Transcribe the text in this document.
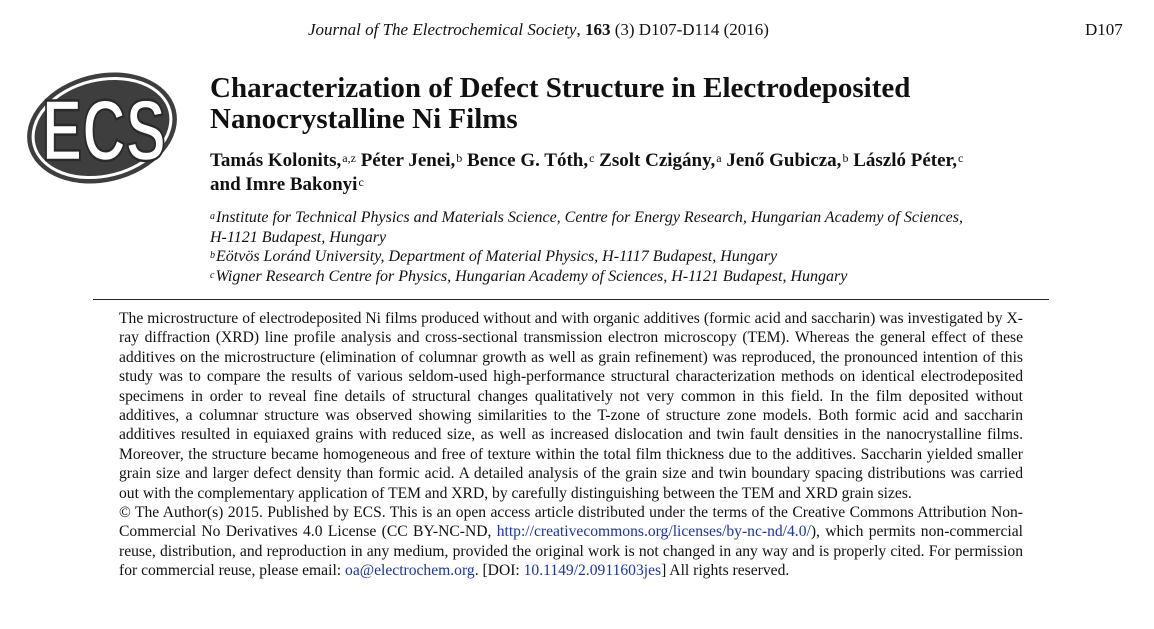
Journal of The Electrochemical Society, 163 (3) D107-D114 (2016)	D107
ECS Characterization of Defect Structure in Electrodeposited Nanocrystalline Ni Films
Tamás Kolonits,$^{a,z}$ Péter Jenei,$^b$ Bence G. Tóth,$^c$ Zsolt Czigány,$^a$ Jenő Gubicza,$^b$ László Péter,$^c$
and Imre Bakonyi$^c$
$^a$Institute for Technical Physics and Materials Science, Centre for Energy Research, Hungarian Academy of Sciences,
H-1121 Budapest, Hungary
$^b$Eötvös Loránd University, Department of Material Physics, H-1117 Budapest, Hungary
$^c$Wigner Research Centre for Physics, Hungarian Academy of Sciences, H-1121 Budapest, Hungary

The microstructure of electrodeposited Ni films produced without and with organic additives (formic acid and saccharin) was investigated by X-ray diffraction (XRD) line profile analysis and cross-sectional transmission electron microscopy (TEM). Whereas the general effect of these additives on the microstructure (elimination of columnar growth as well as grain refinement) was reproduced, the pronounced intention of this study was to compare the results of various seldom-used high-performance structural characterization methods on identical electrodeposited specimens in order to reveal fine details of structural changes qualitatively not very common in this field. In the film deposited without additives, a columnar structure was observed showing similarities to the T-zone of structure zone models. Both formic acid and saccharin additives resulted in equiaxed grains with reduced size, as well as increased dislocation and twin fault densities in the nanocrystalline films. Moreover, the structure became homogeneous and free of texture within the total film thickness due to the additives. Saccharin yielded smaller grain size and larger defect density than formic acid. A detailed analysis of the grain size and twin boundary spacing distributions was carried out with the complementary application of TEM and XRD, by carefully distinguishing between the TEM and XRD grain sizes.

© The Author(s) 2015. Published by ECS. This is an open access article distributed under the terms of the Creative Commons Attribution Non-Commercial No Derivatives 4.0 License (CC BY-NC-ND, http://creativecommons.org/licenses/by-nc-nd/4.0/), which permits non-commercial reuse, distribution, and reproduction in any medium, provided the original work is not changed in any way and is properly cited. For permission for commercial reuse, please email: oa@electrochem.org. [DOI: 10.1149/2.0911603jes] All rights reserved.
